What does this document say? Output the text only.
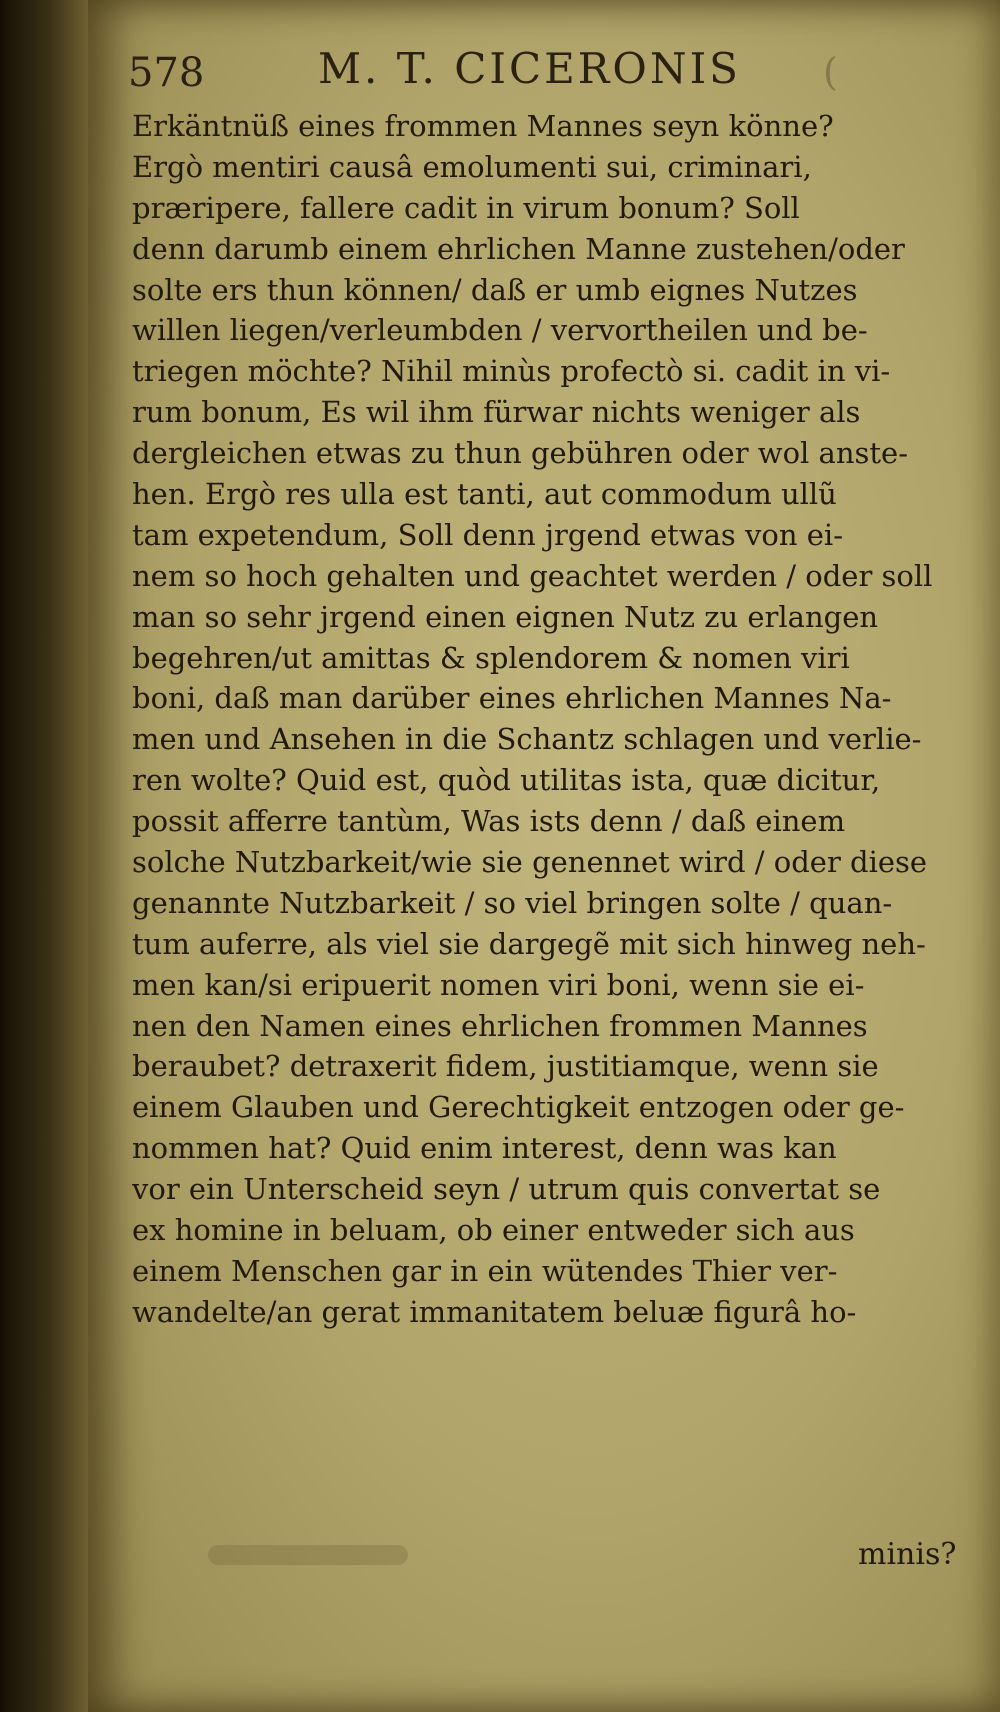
578	M. T. CICERONIS (
Erkäntnüß eines frommen Mannes seyn könne?
Ergò mentiri causâ emolumenti sui, criminari,
præripere, fallere cadit in virum bonum? Soll
denn darumb einem ehrlichen Manne zustehen/oder
solte ers thun können/ daß er umb eignes Nutzes
willen liegen/verleumbden / vervortheilen und be-
triegen möchte? Nihil minùs profectò si. cadit in vi-
rum bonum, Es wil ihm fürwar nichts weniger als
dergleichen etwas zu thun gebühren oder wol anste-
hen. Ergò res ulla est tanti, aut commodum ullũ
tam expetendum, Soll denn jrgend etwas von ei-
nem so hoch gehalten und geachtet werden / oder soll
man so sehr jrgend einen eignen Nutz zu erlangen
begehren/ut amittas & splendorem & nomen viri
boni, daß man darüber eines ehrlichen Mannes Na-
men und Ansehen in die Schantz schlagen und verlie-
ren wolte? Quid est, quòd utilitas ista, quæ dicitur,
possit afferre tantùm, Was ists denn / daß einem
solche Nutzbarkeit/wie sie genennet wird / oder diese
genannte Nutzbarkeit / so viel bringen solte / quan-
tum auferre, als viel sie dargegẽ mit sich hinweg neh-
men kan/si eripuerit nomen viri boni, wenn sie ei-
nen den Namen eines ehrlichen frommen Mannes
beraubet? detraxerit fidem, justitiamque, wenn sie
einem Glauben und Gerechtigkeit entzogen oder ge-
nommen hat? Quid enim interest, denn was kan
vor ein Unterscheid seyn / utrum quis convertat se
ex homine in beluam, ob einer entweder sich aus
einem Menschen gar in ein wütendes Thier ver-
wandelte/an gerat immanitatem beluæ figurâ ho-
minis?
